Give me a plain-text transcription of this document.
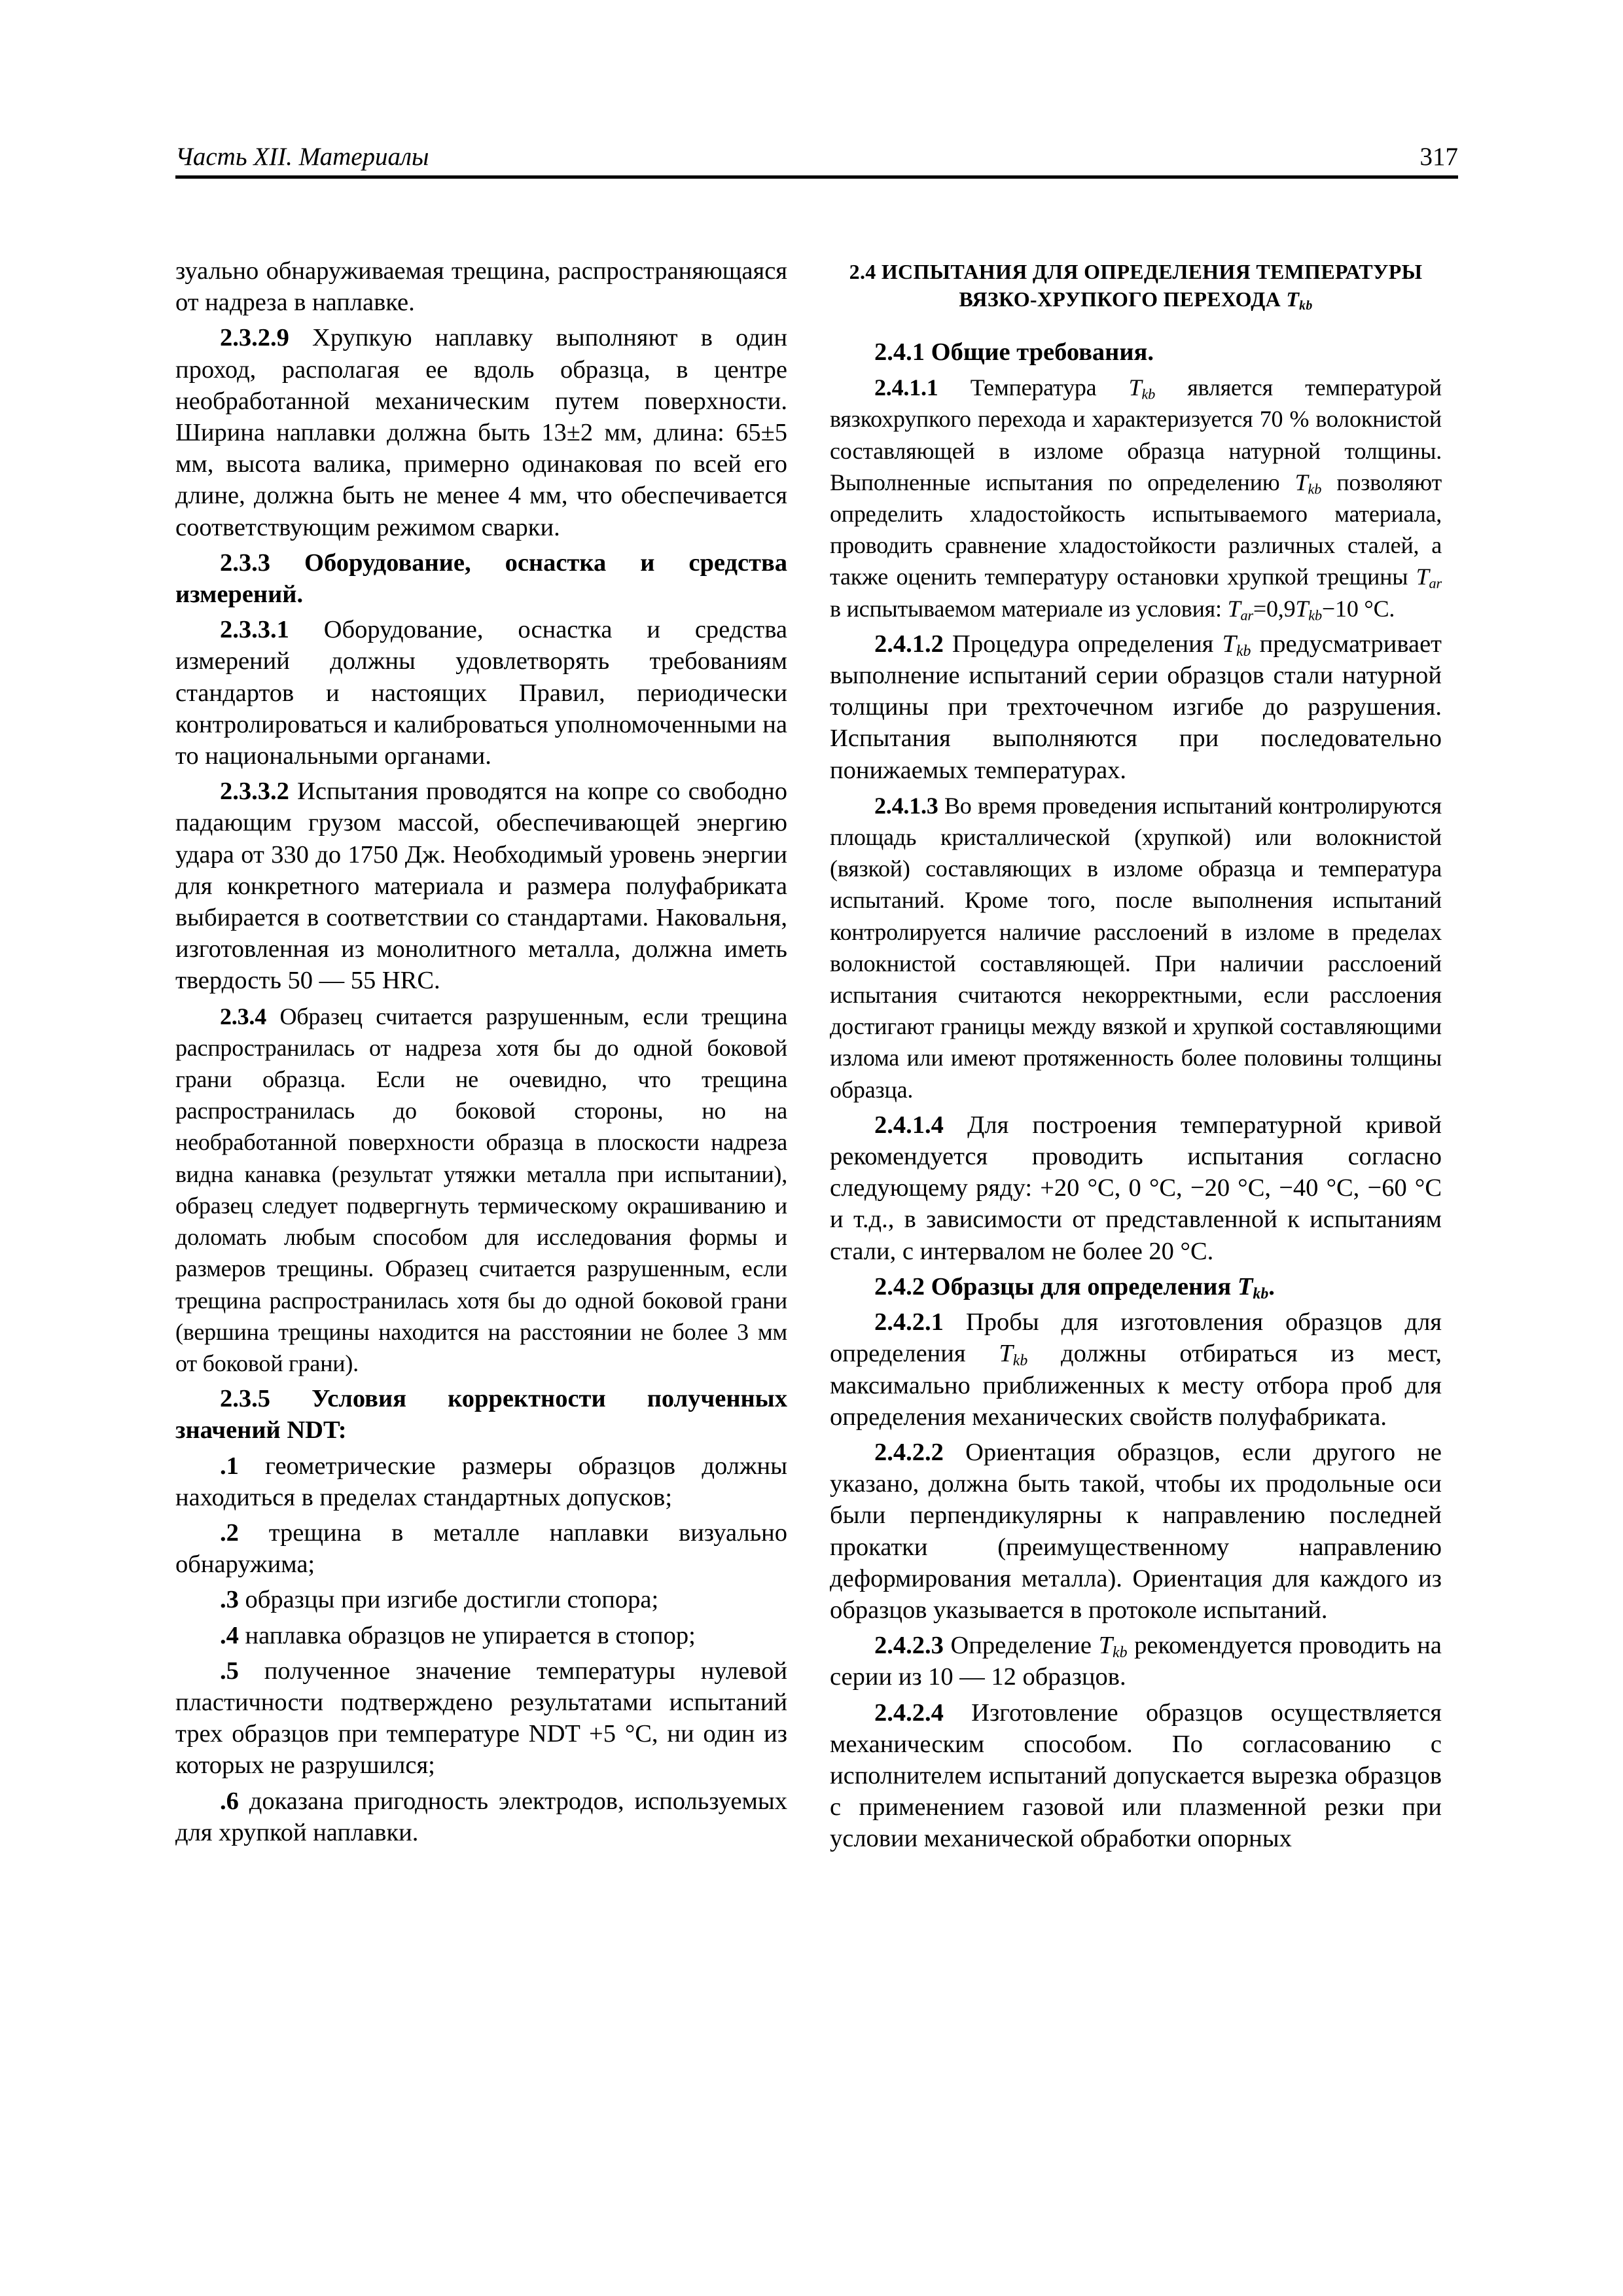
Часть XII. Материалы	317

зуально обнаруживаемая трещина, распространяющаяся от надреза в наплавке.

2.3.2.9 Хрупкую наплавку выполняют в один проход, располагая ее вдоль образца, в центре необработанной механическим путем поверхности. Ширина наплавки должна быть 13±2 мм, длина: 65±5 мм, высота валика, примерно одинаковая по всей его длине, должна быть не менее 4 мм, что обеспечивается соответствующим режимом сварки.

2.3.3 Оборудование, оснастка и средства измерений.

2.3.3.1 Оборудование, оснастка и средства измерений должны удовлетворять требованиям стандартов и настоящих Правил, периодически контролироваться и калиброваться уполномоченными на то национальными органами.

2.3.3.2 Испытания проводятся на копре со свободно падающим грузом массой, обеспечивающей энергию удара от 330 до 1750 Дж. Необходимый уровень энергии для конкретного материала и размера полуфабриката выбирается в соответствии со стандартами. Наковальня, изготовленная из монолитного металла, должна иметь твердость 50 — 55 HRC.

2.3.4 Образец считается разрушенным, если трещина распространилась от надреза хотя бы до одной боковой грани образца. Если не очевидно, что трещина распространилась до боковой стороны, но на необработанной поверхности образца в плоскости надреза видна канавка (результат утяжки металла при испытании), образец следует подвергнуть термическому окрашиванию и доломать любым способом для исследования формы и размеров трещины. Образец считается разрушенным, если трещина распространилась хотя бы до одной боковой грани (вершина трещины находится на расстоянии не более 3 мм от боковой грани).

2.3.5 Условия корректности полученных значений NDT:

.1 геометрические размеры образцов должны находиться в пределах стандартных допусков;

.2 трещина в металле наплавки визуально обнаружима;

.3 образцы при изгибе достигли стопора;

.4 наплавка образцов не упирается в стопор;

.5 полученное значение температуры нулевой пластичности подтверждено результатами испытаний трех образцов при температуре NDT +5 °С, ни один из которых не разрушился;

.6 доказана пригодность электродов, используемых для хрупкой наплавки.

2.4 ИСПЫТАНИЯ ДЛЯ ОПРЕДЕЛЕНИЯ ТЕМПЕРАТУРЫ ВЯЗКО-ХРУПКОГО ПЕРЕХОДА $T_{kb}$
2.4.1 Общие требования.

2.4.1.1 Температура $T_{kb}$ является температурой вязкохрупкого перехода и характеризуется 70 % волокнистой составляющей в изломе образца натурной толщины. Выполненные испытания по определению $T_{kb}$ позволяют определить хладостойкость испытываемого материала, проводить сравнение хладостойкости различных сталей, а также оценить температуру остановки хрупкой трещины $T_{ar}$ в испытываемом материале из условия: $T_{ar}=0,9T_{kb}-10$ °С.

2.4.1.2 Процедура определения $T_{kb}$ предусматривает выполнение испытаний серии образцов стали натурной толщины при трехточечном изгибе до разрушения. Испытания выполняются при последовательно понижаемых температурах.

2.4.1.3 Во время проведения испытаний контролируются площадь кристаллической (хрупкой) или волокнистой (вязкой) составляющих в изломе образца и температура испытаний. Кроме того, после выполнения испытаний контролируется наличие расслоений в изломе в пределах волокнистой составляющей. При наличии расслоений испытания считаются некорректными, если расслоения достигают границы между вязкой и хрупкой составляющими излома или имеют протяженность более половины толщины образца.

2.4.1.4 Для построения температурной кривой рекомендуется проводить испытания согласно следующему ряду: +20 °С, 0 °С, −20 °С, −40 °С, −60 °С и т.д., в зависимости от представленной к испытаниям стали, с интервалом не более 20 °С.

2.4.2 Образцы для определения $T_{kb}$.

2.4.2.1 Пробы для изготовления образцов для определения $T_{kb}$ должны отбираться из мест, максимально приближенных к месту отбора проб для определения механических свойств полуфабриката.

2.4.2.2 Ориентация образцов, если другого не указано, должна быть такой, чтобы их продольные оси были перпендикулярны к направлению последней прокатки (преимущественному направлению деформирования металла). Ориентация для каждого из образцов указывается в протоколе испытаний.

2.4.2.3 Определение $T_{kb}$ рекомендуется проводить на серии из 10 — 12 образцов.

2.4.2.4 Изготовление образцов осуществляется механическим способом. По согласованию с исполнителем испытаний допускается вырезка образцов с применением газовой или плазменной резки при условии механической обработки опорных
